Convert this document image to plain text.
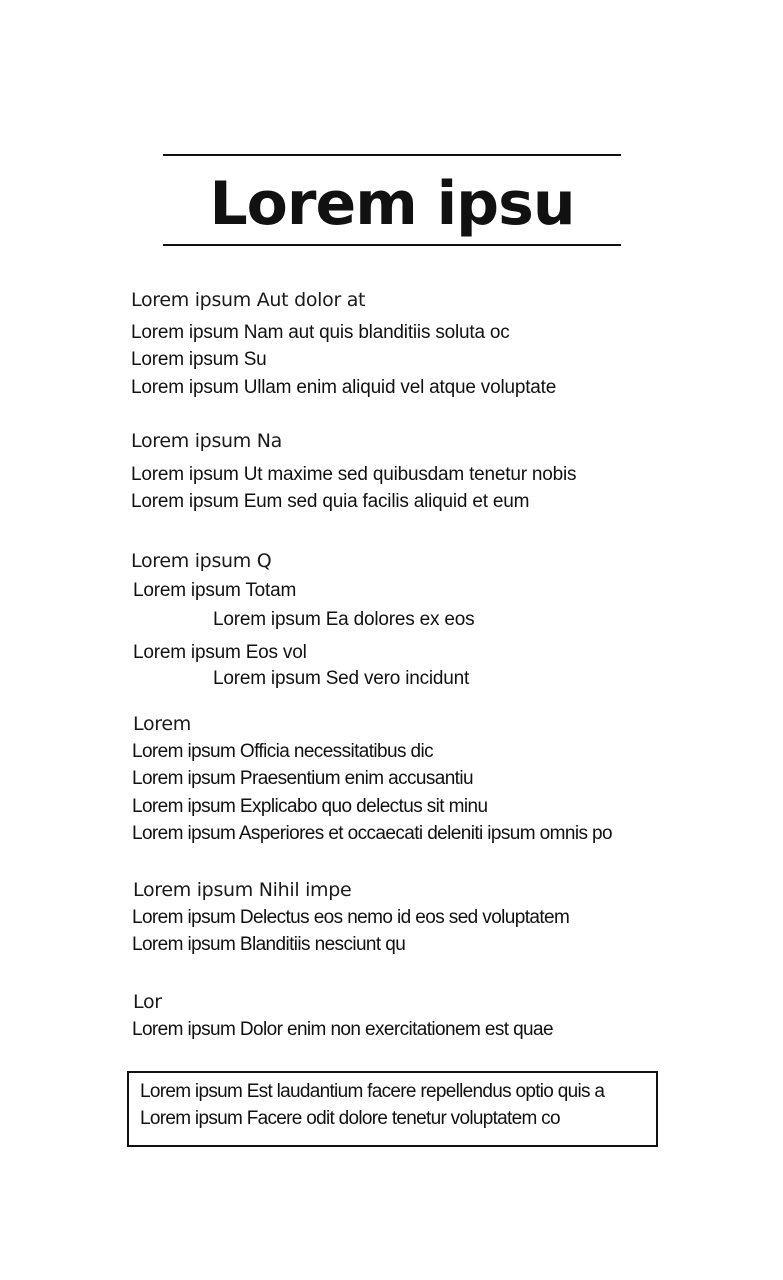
Lorem ipsu

Lorem ipsum Aut dolor at

Lorem ipsum Nam aut quis blanditiis soluta oc

Lorem ipsum Su

Lorem ipsum Ullam enim aliquid vel atque voluptate

Lorem ipsum Na

Lorem ipsum Ut maxime sed quibusdam tenetur nobis

Lorem ipsum Eum sed quia facilis aliquid et eum

Lorem ipsum Q

Lorem ipsum Totam

Lorem ipsum Ea dolores ex eos

Lorem ipsum Eos vol

Lorem ipsum Sed vero incidunt

Lorem

Lorem ipsum Officia necessitatibus dic

Lorem ipsum Praesentium enim accusantiu

Lorem ipsum Explicabo quo delectus sit minu

Lorem ipsum Asperiores et occaecati deleniti ipsum omnis po

Lorem ipsum Nihil impe

Lorem ipsum Delectus eos nemo id eos sed voluptatem

Lorem ipsum Blanditiis nesciunt qu

Lor

Lorem ipsum Dolor enim non exercitationem est quae

Lorem ipsum Est laudantium facere repellendus optio quis a

Lorem ipsum Facere odit dolore tenetur voluptatem co
